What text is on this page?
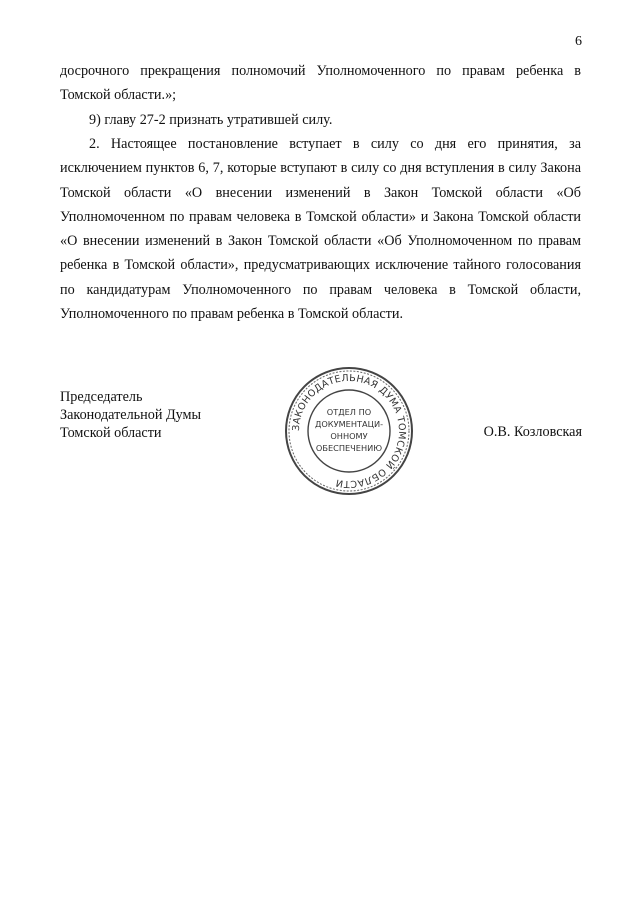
6

досрочного прекращения полномочий Уполномоченного по правам ребенка в Томской области.»;

9) главу 27-2 признать утратившей силу.

2. Настоящее постановление вступает в силу со дня его принятия, за исключением пунктов 6, 7, которые вступают в силу со дня вступления в силу Закона Томской области «О внесении изменений в Закон Томской области «Об Уполномоченном по правам человека в Томской области» и Закона Томской области «О внесении изменений в Закон Томской области «Об Уполномоченном по правам ребенка в Томской области», предусматривающих исключение тайного голосования по кандидатурам Уполномоченного по правам человека в Томской области, Уполномоченного по правам ребенка в Томской области.

Председатель
Законодательной Думы
Томской области	ЗАКОНОДАТЕЛЬНАЯ ДУМА ТОМСКОЙ ОБЛАСТИ
ОТДЕЛ ПО
ДОКУМЕНТАЦИ-
ОННОМУ
ОБЕСПЕЧЕНИЮ
О.В. Козловская
